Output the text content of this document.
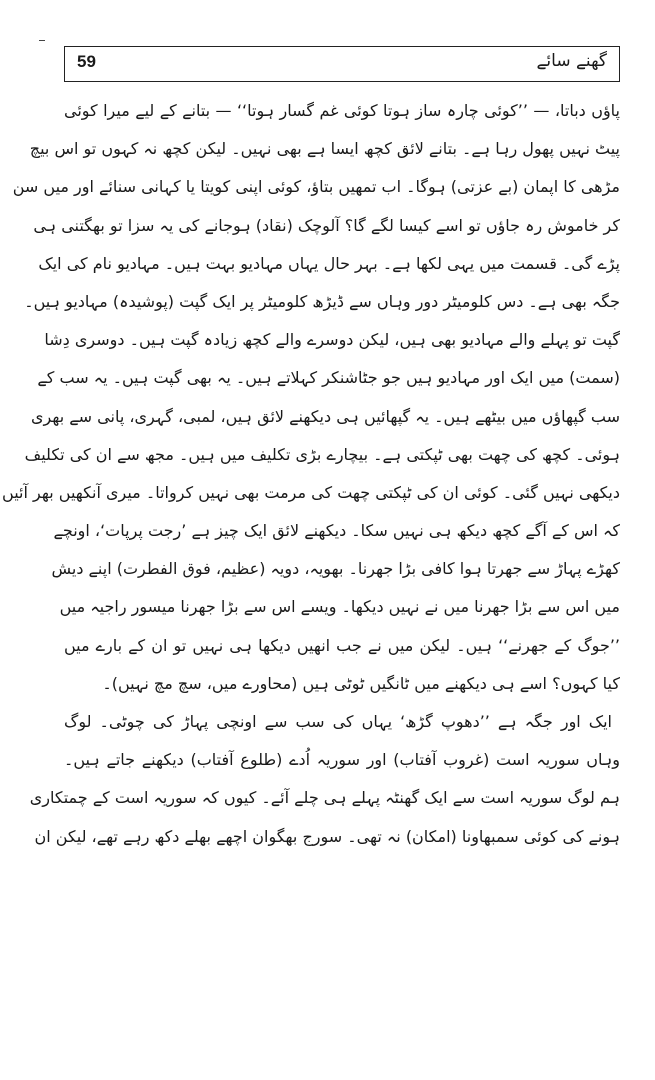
59	گھنے سائے
پاؤں دباتا، — ’’کوئی چارہ ساز ہوتا کوئی غم گسار ہوتا‘‘ — بتانے کے لیے میرا کوئی
پیٹ نہیں پھول رہا ہے۔ بتانے لائق کچھ ایسا ہے بھی نہیں۔ لیکن کچھ نہ کہوں تو اس بیچ
مڑھی کا اپمان (بے عزتی) ہوگا۔ اب تمھیں بتاؤ، کوئی اپنی کویتا یا کہانی سنائے اور میں سن
کر خاموش رہ جاؤں تو اسے کیسا لگے گا؟ آلوچک (نقاد) ہوجانے کی یہ سزا تو بھگتنی ہی
پڑے گی۔ قسمت میں یہی لکھا ہے۔ بہر حال یہاں مہادیو بہت ہیں۔ مہادیو نام کی ایک
جگہ بھی ہے۔ دس کلومیٹر دور وہاں سے ڈیڑھ کلومیٹر پر ایک گپت (پوشیدہ) مہادیو ہیں۔
گپت تو پہلے والے مہادیو بھی ہیں، لیکن دوسرے والے کچھ زیادہ گپت ہیں۔ دوسری دِشا
(سمت) میں ایک اور مہادیو ہیں جو جٹاشنکر کہلاتے ہیں۔ یہ بھی گپت ہیں۔ یہ سب کے
سب گپھاؤں میں بیٹھے ہیں۔ یہ گپھائیں ہی دیکھنے لائق ہیں، لمبی، گہری، پانی سے بھری
ہوئی۔ کچھ کی چھت بھی ٹپکتی ہے۔ بیچارے بڑی تکلیف میں ہیں۔ مجھ سے ان کی تکلیف
دیکھی نہیں گئی۔ کوئی ان کی ٹپکتی چھت کی مرمت بھی نہیں کرواتا۔ میری آنکھیں بھر آئیں
کہ اس کے آگے کچھ دیکھ ہی نہیں سکا۔ دیکھنے لائق ایک چیز ہے ’رجت پرپات‘، اونچے
کھڑے پہاڑ سے جھرتا ہوا کافی بڑا جھرنا۔ بھویہ، دویہ (عظیم، فوق الفطرت) اپنے دیش
میں اس سے بڑا جھرنا میں نے نہیں دیکھا۔ ویسے اس سے بڑا جھرنا میسور راجیہ میں
’’جوگ کے جھرنے‘‘ ہیں۔ لیکن میں نے جب انھیں دیکھا ہی نہیں تو ان کے بارے میں
کیا کہوں؟ اسے ہی دیکھنے میں ٹانگیں ٹوٹی ہیں (محاورے میں، سچ مچ نہیں)۔
ایک اور جگہ ہے ’’دھوپ گڑھ‘ یہاں کی سب سے اونچی پہاڑ کی چوٹی۔ لوگ
وہاں سوریہ است (غروب آفتاب) اور سوریہ اُدے (طلوع آفتاب) دیکھنے جاتے ہیں۔
ہم لوگ سوریہ است سے ایک گھنٹہ پہلے ہی چلے آئے۔ کیوں کہ سوریہ است کے چمتکاری
ہونے کی کوئی سمبھاونا (امکان) نہ تھی۔ سورج بھگوان اچھے بھلے دکھ رہے تھے، لیکن ان
